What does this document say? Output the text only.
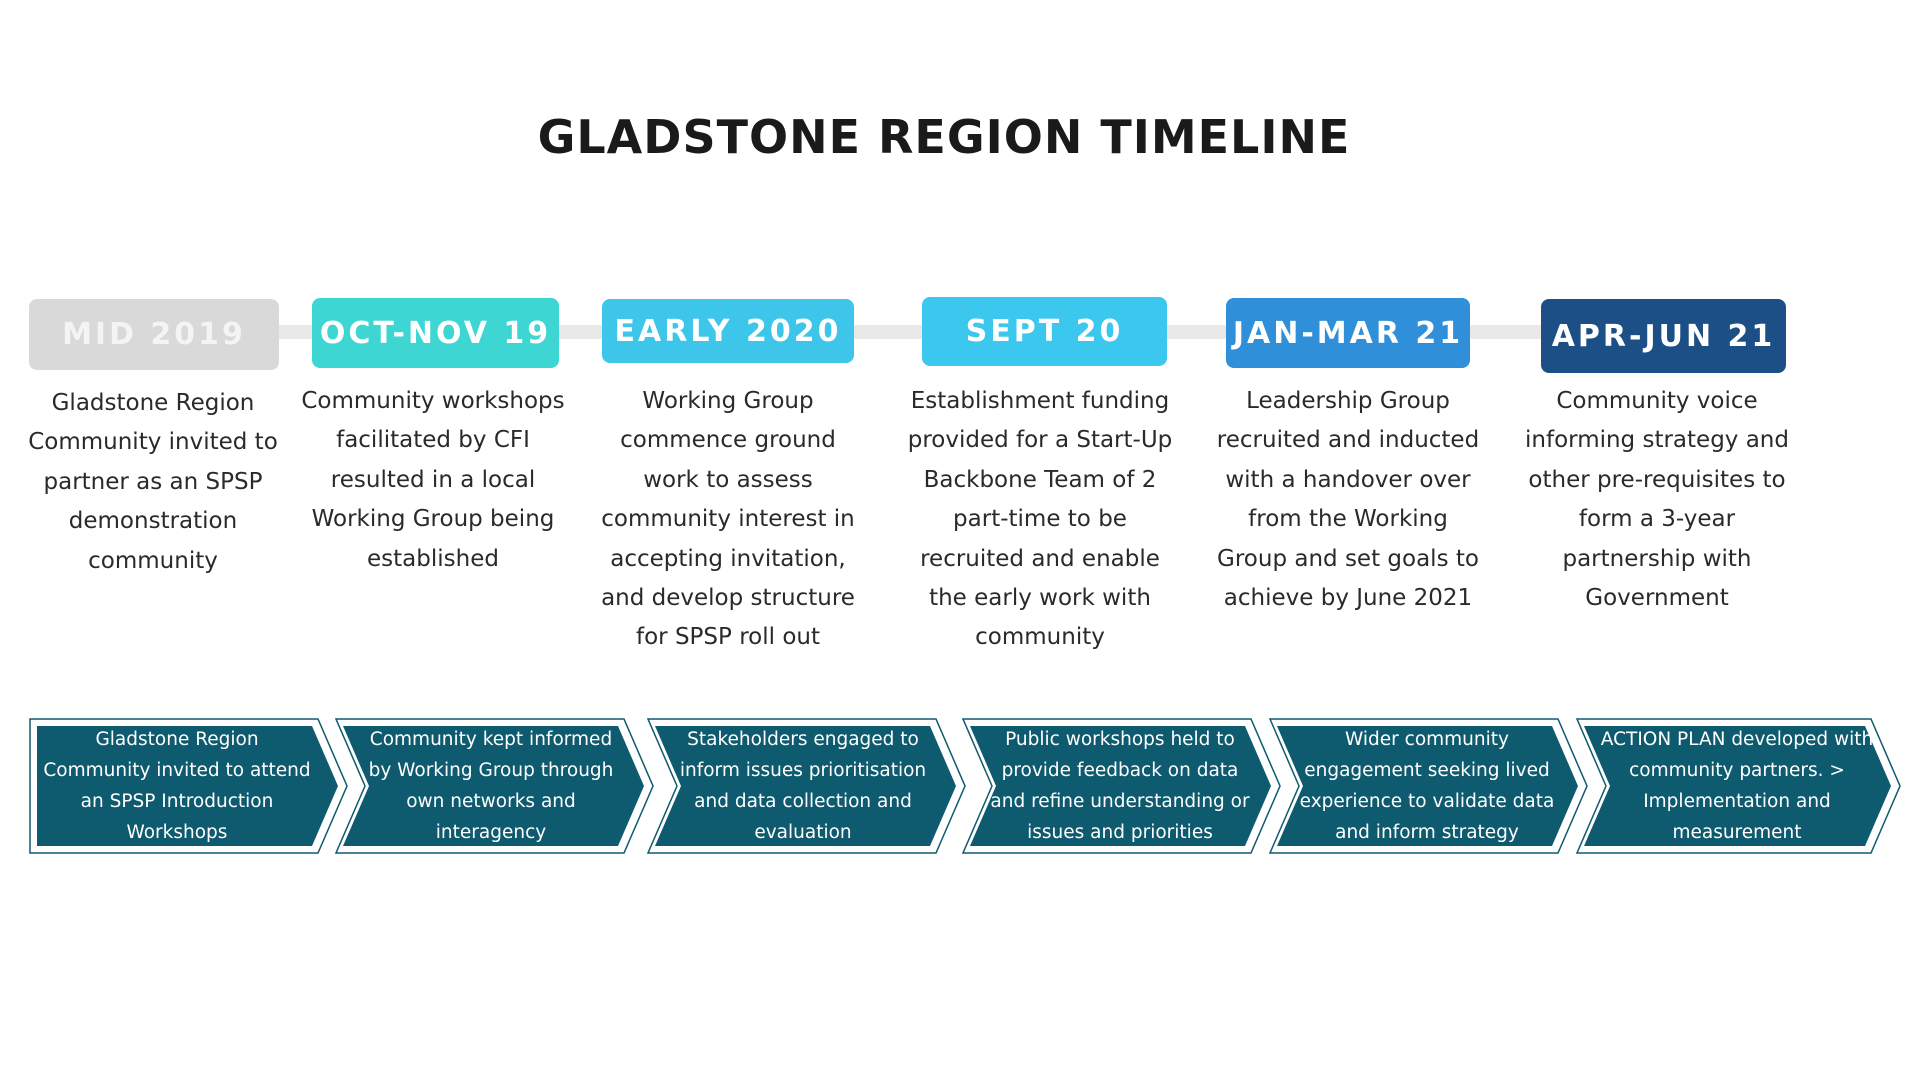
GLADSTONE REGION TIMELINE
MID 2019	OCT-NOV 19	EARLY 2020	SEPT 20	JAN-MAR 21	APR-JUN 21
Gladstone Region Community invited to partner as an SPSP demonstration community
Community workshops facilitated by CFI resulted in a local Working Group being established
Working Group commence ground work to assess community interest in accepting invitation, and develop structure for SPSP roll out
Establishment funding provided for a Start-Up Backbone Team of 2 part-time to be recruited and enable the early work with community
Leadership Group recruited and inducted with a handover over from the Working Group and set goals to achieve by June 2021
Community voice informing strategy and other pre-requisites to form a 3-year partnership with Government
Gladstone Region Community invited to attend an SPSP Introduction Workshops
Community kept informed by Working Group through own networks and interagency
Stakeholders engaged to inform issues prioritisation and data collection and evaluation
Public workshops held to provide feedback on data and refine understanding or issues and priorities
Wider community engagement seeking lived experience to validate data and inform strategy
ACTION PLAN developed with community partners. > Implementation and measurement
